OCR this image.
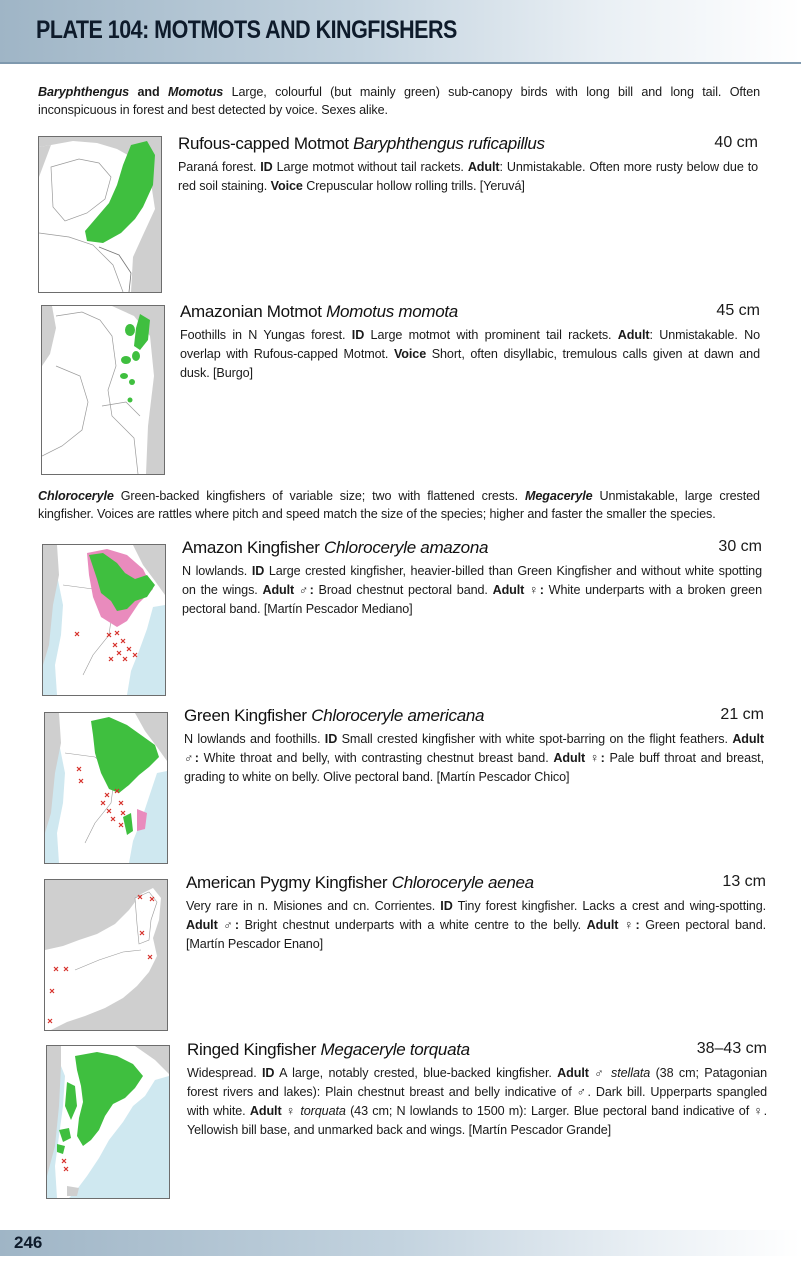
PLATE 104: MOTMOTS AND KINGFISHERS
Baryphthengus and Momotus Large, colourful (but mainly green) sub-canopy birds with long bill and long tail. Often inconspicuous in forest and best detected by voice. Sexes alike.
Rufous-capped Motmot Baryphthengus ruficapillus	40 cm
Paraná forest. ID Large motmot without tail rackets. Adult: Unmistakable. Often more rusty below due to red soil staining. Voice Crepuscular hollow rolling trills. [Yeruvá]
Amazonian Motmot Momotus momota	45 cm
Foothills in N Yungas forest. ID Large motmot with prominent tail rackets. Adult: Unmistakable. No overlap with Rufous-capped Motmot. Voice Short, often disyllabic, tremulous calls given at dawn and dusk. [Burgo]
Chloroceryle Green-backed kingfishers of variable size; two with flattened crests. Megaceryle Unmistakable, large crested kingfisher. Voices are rattles where pitch and speed match the size of the species; higher and faster the smaller the species.
Amazon Kingfisher Chloroceryle amazona	30 cm
N lowlands. ID Large crested kingfisher, heavier-billed than Green Kingfisher and without white spotting on the wings. Adult ♂: Broad chestnut pectoral band. Adult ♀: White underparts with a broken green pectoral band. [Martín Pescador Mediano]
Green Kingfisher Chloroceryle americana	21 cm
N lowlands and foothills. ID Small crested kingfisher with white spot-barring on the flight feathers. Adult ♂: White throat and belly, with contrasting chestnut breast band. Adult ♀: Pale buff throat and breast, grading to white on belly. Olive pectoral band. [Martín Pescador Chico]
American Pygmy Kingfisher Chloroceryle aenea	13 cm
Very rare in n. Misiones and cn. Corrientes. ID Tiny forest kingfisher. Lacks a crest and wing-spotting. Adult ♂: Bright chestnut underparts with a white centre to the belly. Adult ♀: Green pectoral band. [Martín Pescador Enano]
Ringed Kingfisher Megaceryle torquata	38–43 cm
Widespread. ID A large, notably crested, blue-backed kingfisher. Adult ♂ stellata (38 cm; Patagonian forest rivers and lakes): Plain chestnut breast and belly indicative of ♂. Dark bill. Upperparts spangled with white. Adult ♀ torquata (43 cm; N lowlands to 1500 m): Larger. Blue pectoral band indicative of ♀. Yellowish bill base, and unmarked back and wings. [Martín Pescador Grande]
246
